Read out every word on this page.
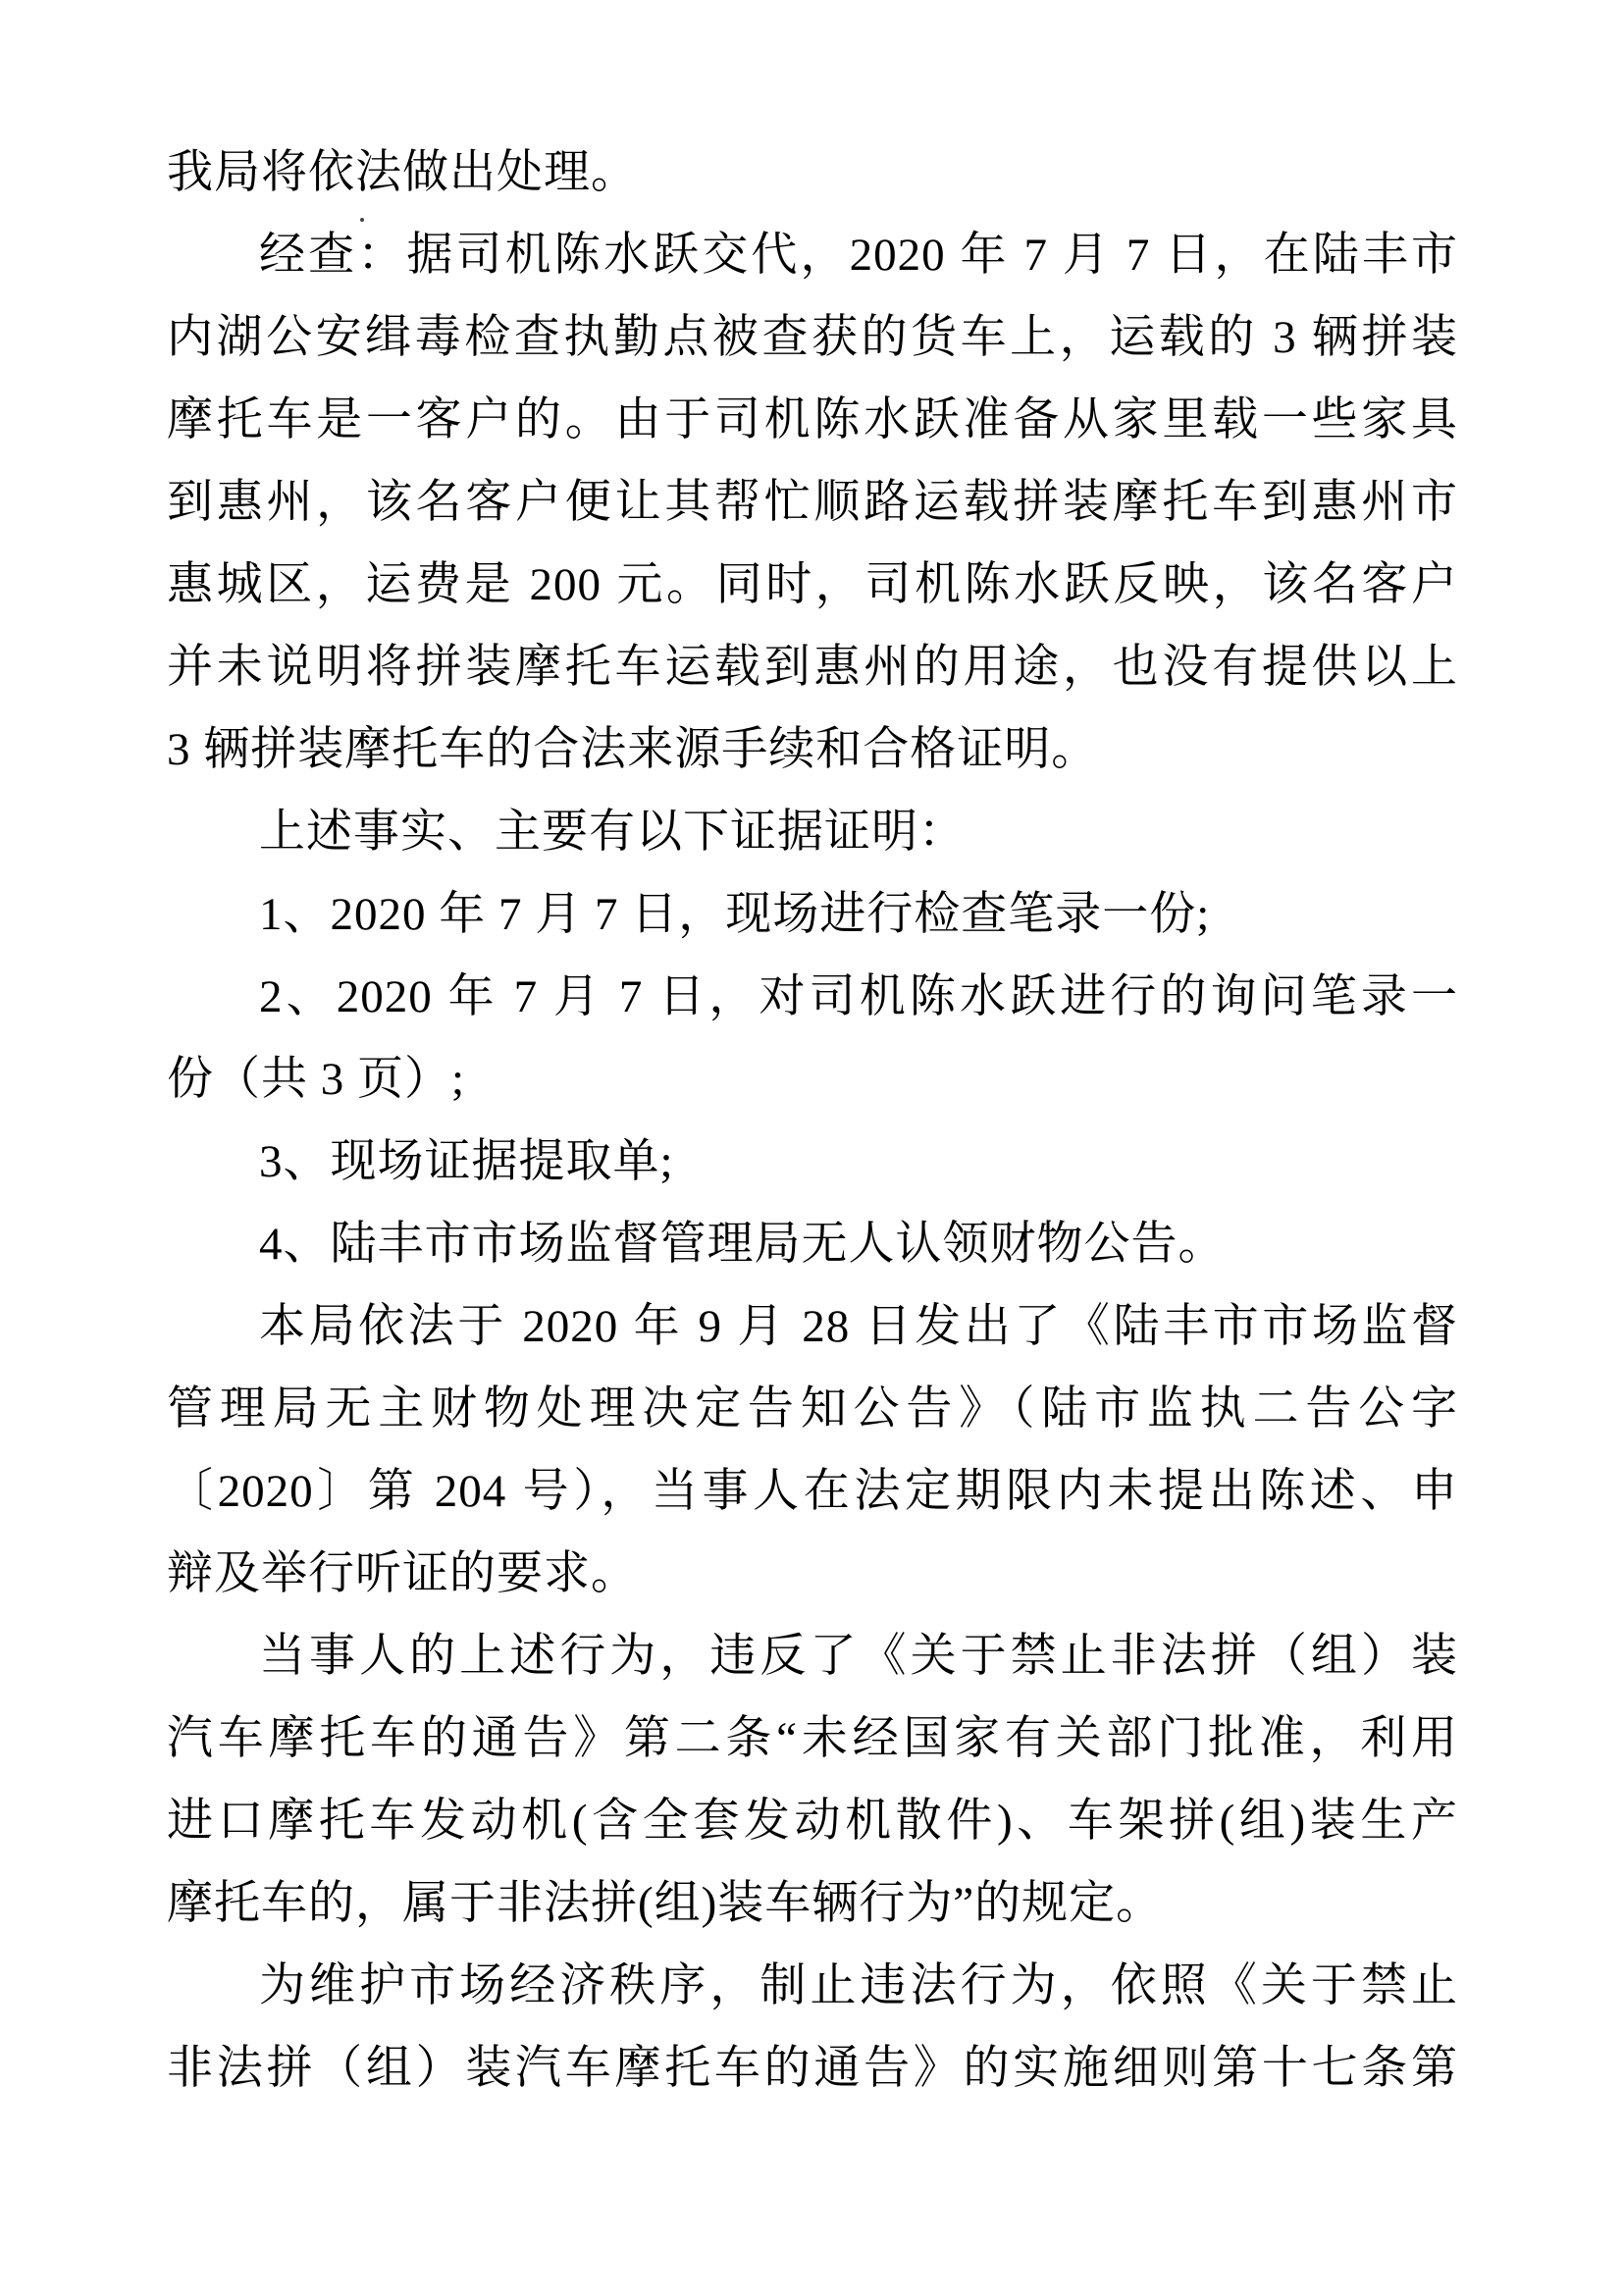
我局将依法做出处理。
经查：据司机陈水跃交代，2020 年 7 月 7 日，在陆丰市
内湖公安缉毒检查执勤点被查获的货车上，运载的 3 辆拼装
摩托车是一客户的。由于司机陈水跃准备从家里载一些家具
到惠州，该名客户便让其帮忙顺路运载拼装摩托车到惠州市
惠城区，运费是 200 元。同时，司机陈水跃反映，该名客户
并未说明将拼装摩托车运载到惠州的用途，也没有提供以上
3 辆拼装摩托车的合法来源手续和合格证明。
上述事实、主要有以下证据证明：
1、2020 年 7 月 7 日，现场进行检查笔录一份;
2、2020 年 7 月 7 日，对司机陈水跃进行的询问笔录一
份（共 3 页）;
3、现场证据提取单;
4、陆丰市市场监督管理局无人认领财物公告。
本局依法于 2020 年 9 月 28 日发出了《陆丰市市场监督
管理局无主财物处理决定告知公告》（陆市监执二告公字
〔2020〕第 204 号），当事人在法定期限内未提出陈述、申
辩及举行听证的要求。
当事人的上述行为，违反了《关于禁止非法拼（组）装
汽车摩托车的通告》第二条“未经国家有关部门批准，利用
进口摩托车发动机(含全套发动机散件)、车架拼(组)装生产
摩托车的，属于非法拼(组)装车辆行为”的规定。
为维护市场经济秩序，制止违法行为，依照《关于禁止
非法拼（组）装汽车摩托车的通告》的实施细则第十七条第
